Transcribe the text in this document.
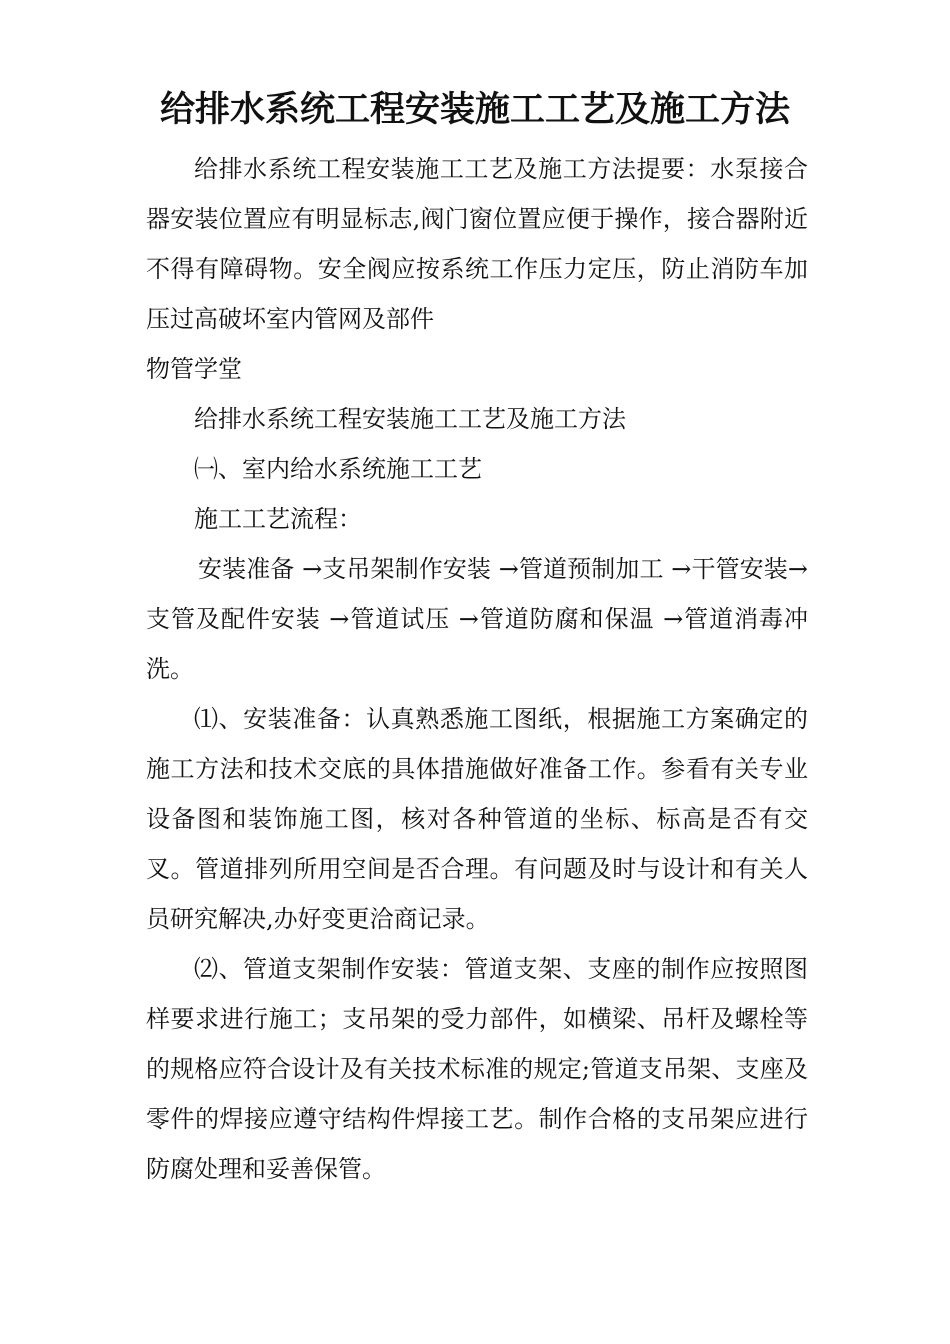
给排水系统工程安装施工工艺及施工方法

给排水系统工程安装施工工艺及施工方法提要：水泵接合器安装位置应有明显标志,阀门窗位置应便于操作，接合器附近不得有障碍物。安全阀应按系统工作压力定压，防止消防车加压过高破坏室内管网及部件

物管学堂

给排水系统工程安装施工工艺及施工方法

㈠、室内给水系统施工工艺

施工工艺流程：

安装准备 →支吊架制作安装 →管道预制加工 →干管安装→支管及配件安装 →管道试压 →管道防腐和保温 →管道消毒冲洗。

⑴、安装准备：认真熟悉施工图纸，根据施工方案确定的施工方法和技术交底的具体措施做好准备工作。参看有关专业设备图和装饰施工图，核对各种管道的坐标、标高是否有交叉。管道排列所用空间是否合理。有问题及时与设计和有关人员研究解决,办好变更洽商记录。

⑵、管道支架制作安装：管道支架、支座的制作应按照图样要求进行施工；支吊架的受力部件，如横梁、吊杆及螺栓等的规格应符合设计及有关技术标准的规定;管道支吊架、支座及零件的焊接应遵守结构件焊接工艺。制作合格的支吊架应进行防腐处理和妥善保管。
